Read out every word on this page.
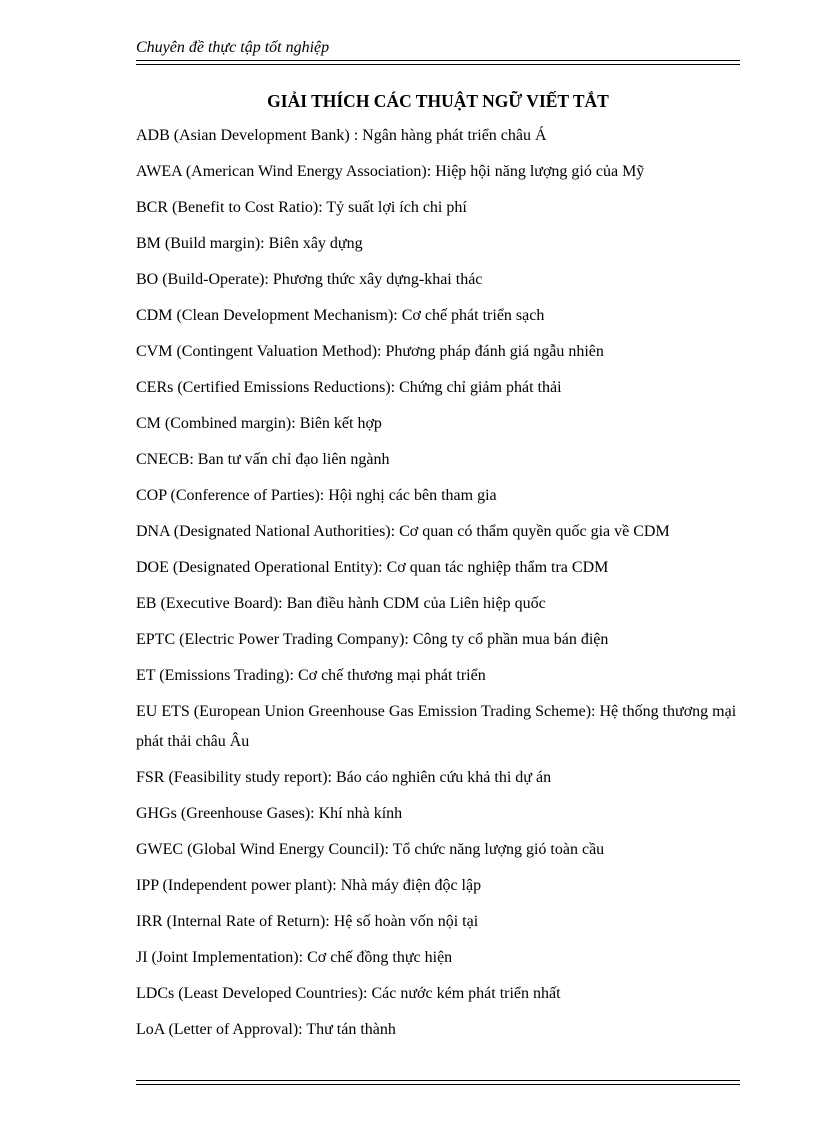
Chuyên đề thực tập tốt nghiệp

GIẢI THÍCH CÁC THUẬT NGỮ VIẾT TẮT
ADB (Asian Development Bank) : Ngân hàng phát triển châu Á
AWEA (American Wind Energy Association): Hiệp hội năng lượng gió của Mỹ
BCR (Benefit to Cost Ratio): Tỷ suất lợi ích chi phí
BM (Build margin): Biên xây dựng
BO (Build-Operate): Phương thức xây dựng-khai thác
CDM (Clean Development Mechanism): Cơ chế phát triển sạch
CVM (Contingent Valuation Method): Phương pháp đánh giá ngẫu nhiên
CERs (Certified Emissions Reductions): Chứng chỉ giảm phát thải
CM (Combined margin): Biên kết hợp
CNECB: Ban tư vấn chỉ đạo liên ngành
COP (Conference of Parties): Hội nghị các bên tham gia
DNA (Designated National Authorities): Cơ quan có thẩm quyền quốc gia về CDM
DOE (Designated Operational Entity): Cơ quan tác nghiệp thẩm tra CDM
EB (Executive Board): Ban điều hành CDM của Liên hiệp quốc
EPTC (Electric Power Trading Company): Công ty cổ phần mua bán điện
ET (Emissions Trading): Cơ chế thương mại phát triển
EU ETS (European Union Greenhouse Gas Emission Trading Scheme): Hệ thống thương mại phát thải châu Âu
FSR (Feasibility study report): Báo cáo nghiên cứu khả thi dự án
GHGs (Greenhouse Gases): Khí nhà kính
GWEC (Global Wind Energy Council): Tổ chức năng lượng gió toàn cầu
IPP (Independent power plant): Nhà máy điện độc lập
IRR (Internal Rate of Return): Hệ số hoàn vốn nội tại
JI (Joint Implementation): Cơ chế đồng thực hiện
LDCs (Least Developed Countries): Các nước kém phát triển nhất
LoA (Letter of Approval): Thư tán thành
